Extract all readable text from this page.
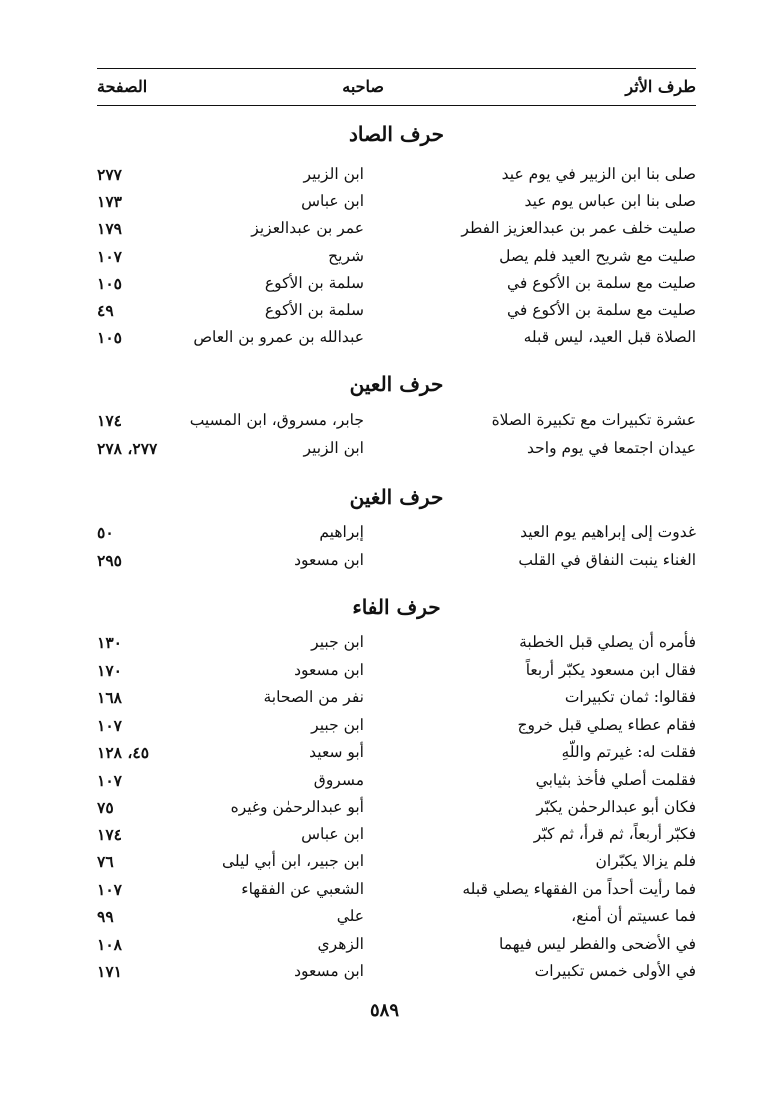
طرف الأثر
صاحبه
الصفحة
حرف الصاد
صلى بنا ابن الزبير في يوم عيد
ابن الزبير
٢٧٧
صلى بنا ابن عباس يوم عيد
ابن عباس
١٧٣
صليت خلف عمر بن عبدالعزيز الفطر
عمر بن عبدالعزيز
١٧٩
صليت مع شريح العيد فلم يصل
شريح
١٠٧
صليت مع سلمة بن الأكوع في
سلمة بن الأكوع
١٠٥
صليت مع سلمة بن الأكوع في
سلمة بن الأكوع
٤٩
الصلاة قبل العيد، ليس قبله
عبدالله بن عمرو بن العاص
١٠٥
حرف العين
عشرة تكبيرات مع تكبيرة الصلاة
جابر، مسروق، ابن المسيب
١٧٤
عيدان اجتمعا في يوم واحد
ابن الزبير
٢٧٧، ٢٧٨
حرف الغين
غدوت إلى إبراهيم يوم العيد
إبراهيم
٥٠
الغناء ينبت النفاق في القلب
ابن مسعود
٢٩٥
حرف الفاء
فأمره أن يصلي قبل الخطبة
ابن جبير
١٣٠
فقال ابن مسعود يكبّر أربعاً
ابن مسعود
١٧٠
فقالوا: ثمان تكبيرات
نفر من الصحابة
١٦٨
فقام عطاء يصلي قبل خروج
ابن جبير
١٠٧
فقلت له: غيرتم واللّهِ
أبو سعيد
٤٥، ١٢٨
فقلمت أصلي فأخذ بثيابي
مسروق
١٠٧
فكان أبو عبدالرحمٰن يكبّر
أبو عبدالرحمٰن وغيره
٧٥
فكبّر أربعاً، ثم قرأ، ثم كبّر
ابن عباس
١٧٤
فلم يزالا يكبّران
ابن جبير، ابن أبي ليلى
٧٦
فما رأيت أحداً من الفقهاء يصلي قبله
الشعبي عن الفقهاء
١٠٧
فما عسيتم أن أمنع،
علي
٩٩
في الأضحى والفطر ليس فيهما
الزهري
١٠٨
في الأولى خمس تكبيرات
ابن مسعود
١٧١
٥٨٩
